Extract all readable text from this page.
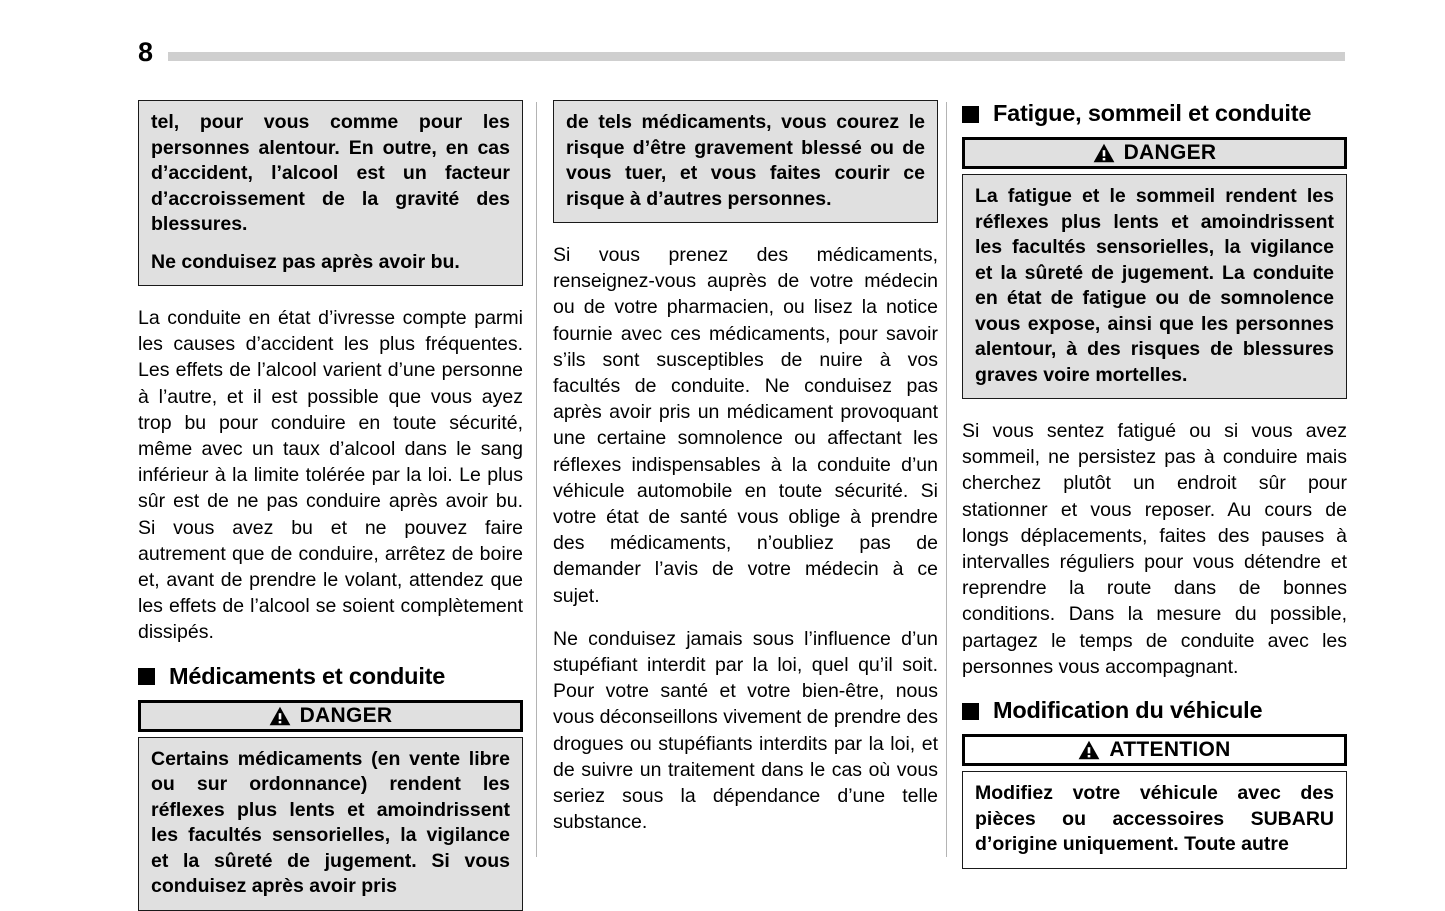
8

tel, pour vous comme pour les personnes alentour. En outre, en cas d’accident, l’alcool est un facteur d’accroissement de la gravité des blessures.

Ne conduisez pas après avoir bu.

La conduite en état d’ivresse compte parmi les causes d’accident les plus fréquentes. Les effets de l’alcool varient d’une personne à l’autre, et il est possible que vous ayez trop bu pour conduire en toute sécurité, même avec un taux d’alcool dans le sang inférieur à la limite tolérée par la loi. Le plus sûr est de ne pas conduire après avoir bu. Si vous avez bu et ne pouvez faire autrement que de conduire, arrêtez de boire et, avant de prendre le volant, attendez que les effets de l’alcool se soient complètement dissipés.

Médicaments et conduite
DANGER

Certains médicaments (en vente libre ou sur ordonnance) rendent les réflexes plus lents et amoindrissent les facultés sensorielles, la vigilance et la sûreté de jugement. Si vous conduisez après avoir pris

de tels médicaments, vous courez le risque d’être gravement blessé ou de vous tuer, et vous faites courir ce risque à d’autres personnes.

Si vous prenez des médicaments, renseignez-vous auprès de votre médecin ou de votre pharmacien, ou lisez la notice fournie avec ces médicaments, pour savoir s’ils sont susceptibles de nuire à vos facultés de conduite. Ne conduisez pas après avoir pris un médicament provoquant une certaine somnolence ou affectant les réflexes indispensables à la conduite d’un véhicule automobile en toute sécurité. Si votre état de santé vous oblige à prendre des médicaments, n’oubliez pas de demander l’avis de votre médecin à ce sujet.

Ne conduisez jamais sous l’influence d’un stupéfiant interdit par la loi, quel qu’il soit. Pour votre santé et votre bien-être, nous vous déconseillons vivement de prendre des drogues ou stupéfiants interdits par la loi, et de suivre un traitement dans le cas où vous seriez sous la dépendance d’une telle substance.

Fatigue, sommeil et conduite
DANGER

La fatigue et le sommeil rendent les réflexes plus lents et amoindrissent les facultés sensorielles, la vigilance et la sûreté de jugement. La conduite en état de fatigue ou de somnolence vous expose, ainsi que les personnes alentour, à des risques de blessures graves voire mortelles.

Si vous sentez fatigué ou si vous avez sommeil, ne persistez pas à conduire mais cherchez plutôt un endroit sûr pour stationner et vous reposer. Au cours de longs déplacements, faites des pauses à intervalles réguliers pour vous détendre et reprendre la route dans de bonnes conditions. Dans la mesure du possible, partagez le temps de conduite avec les personnes vous accompagnant.

Modification du véhicule
ATTENTION

Modifiez votre véhicule avec des pièces ou accessoires SUBARU d’origine uniquement. Toute autre
